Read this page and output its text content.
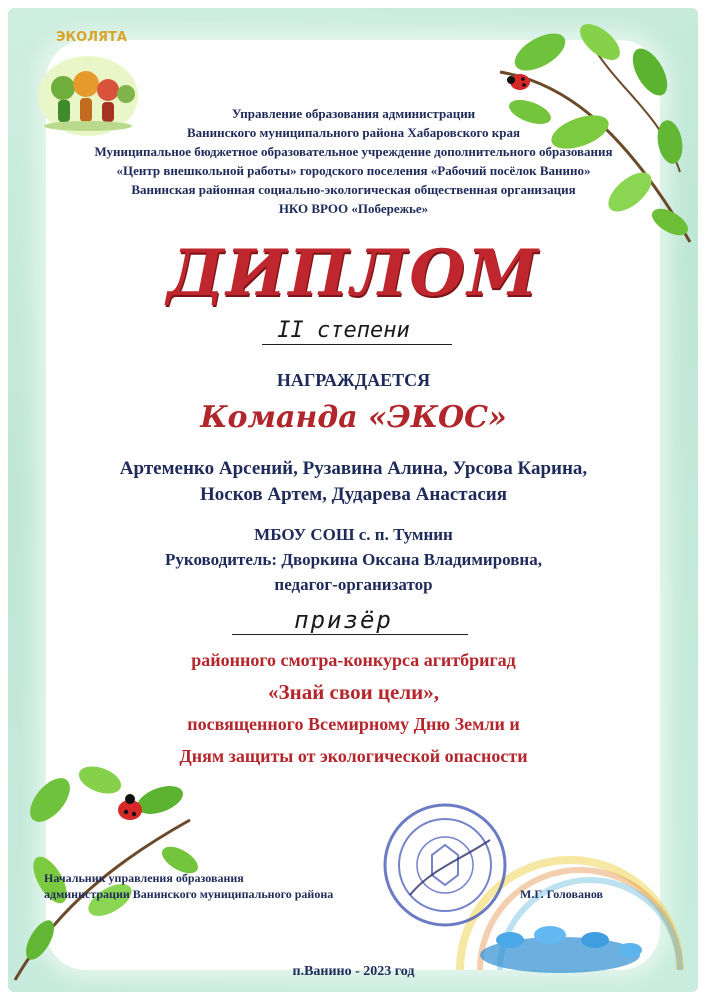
ЭКОЛЯТА
Управление образования администрации
Ванинского муниципального района Хабаровского края
Муниципальное бюджетное образовательное учреждение дополнительного образования
«Центр внешкольной работы» городского поселения «Рабочий посёлок Ванино»
Ванинская районная социально-экологическая общественная организация
НКО ВРОО «Побережье»
ДИПЛОМ
II степени
НАГРАЖДАЕТСЯ
Команда «ЭКОС»
Артеменко Арсений, Рузавина Алина, Урсова Карина,
Носков Артем, Дударева Анастасия
МБОУ СОШ с. п. Тумнин
Руководитель: Дворкина Оксана Владимировна,
педагог-организатор
призёр
районного смотра-конкурса агитбригад
«Знай свои цели»,
посвященного Всемирному Дню Земли и
Дням защиты от экологической опасности
Начальник управления образования
администрации Ванинского муниципального района	М.Г. Голованов
п.Ванино - 2023 год
